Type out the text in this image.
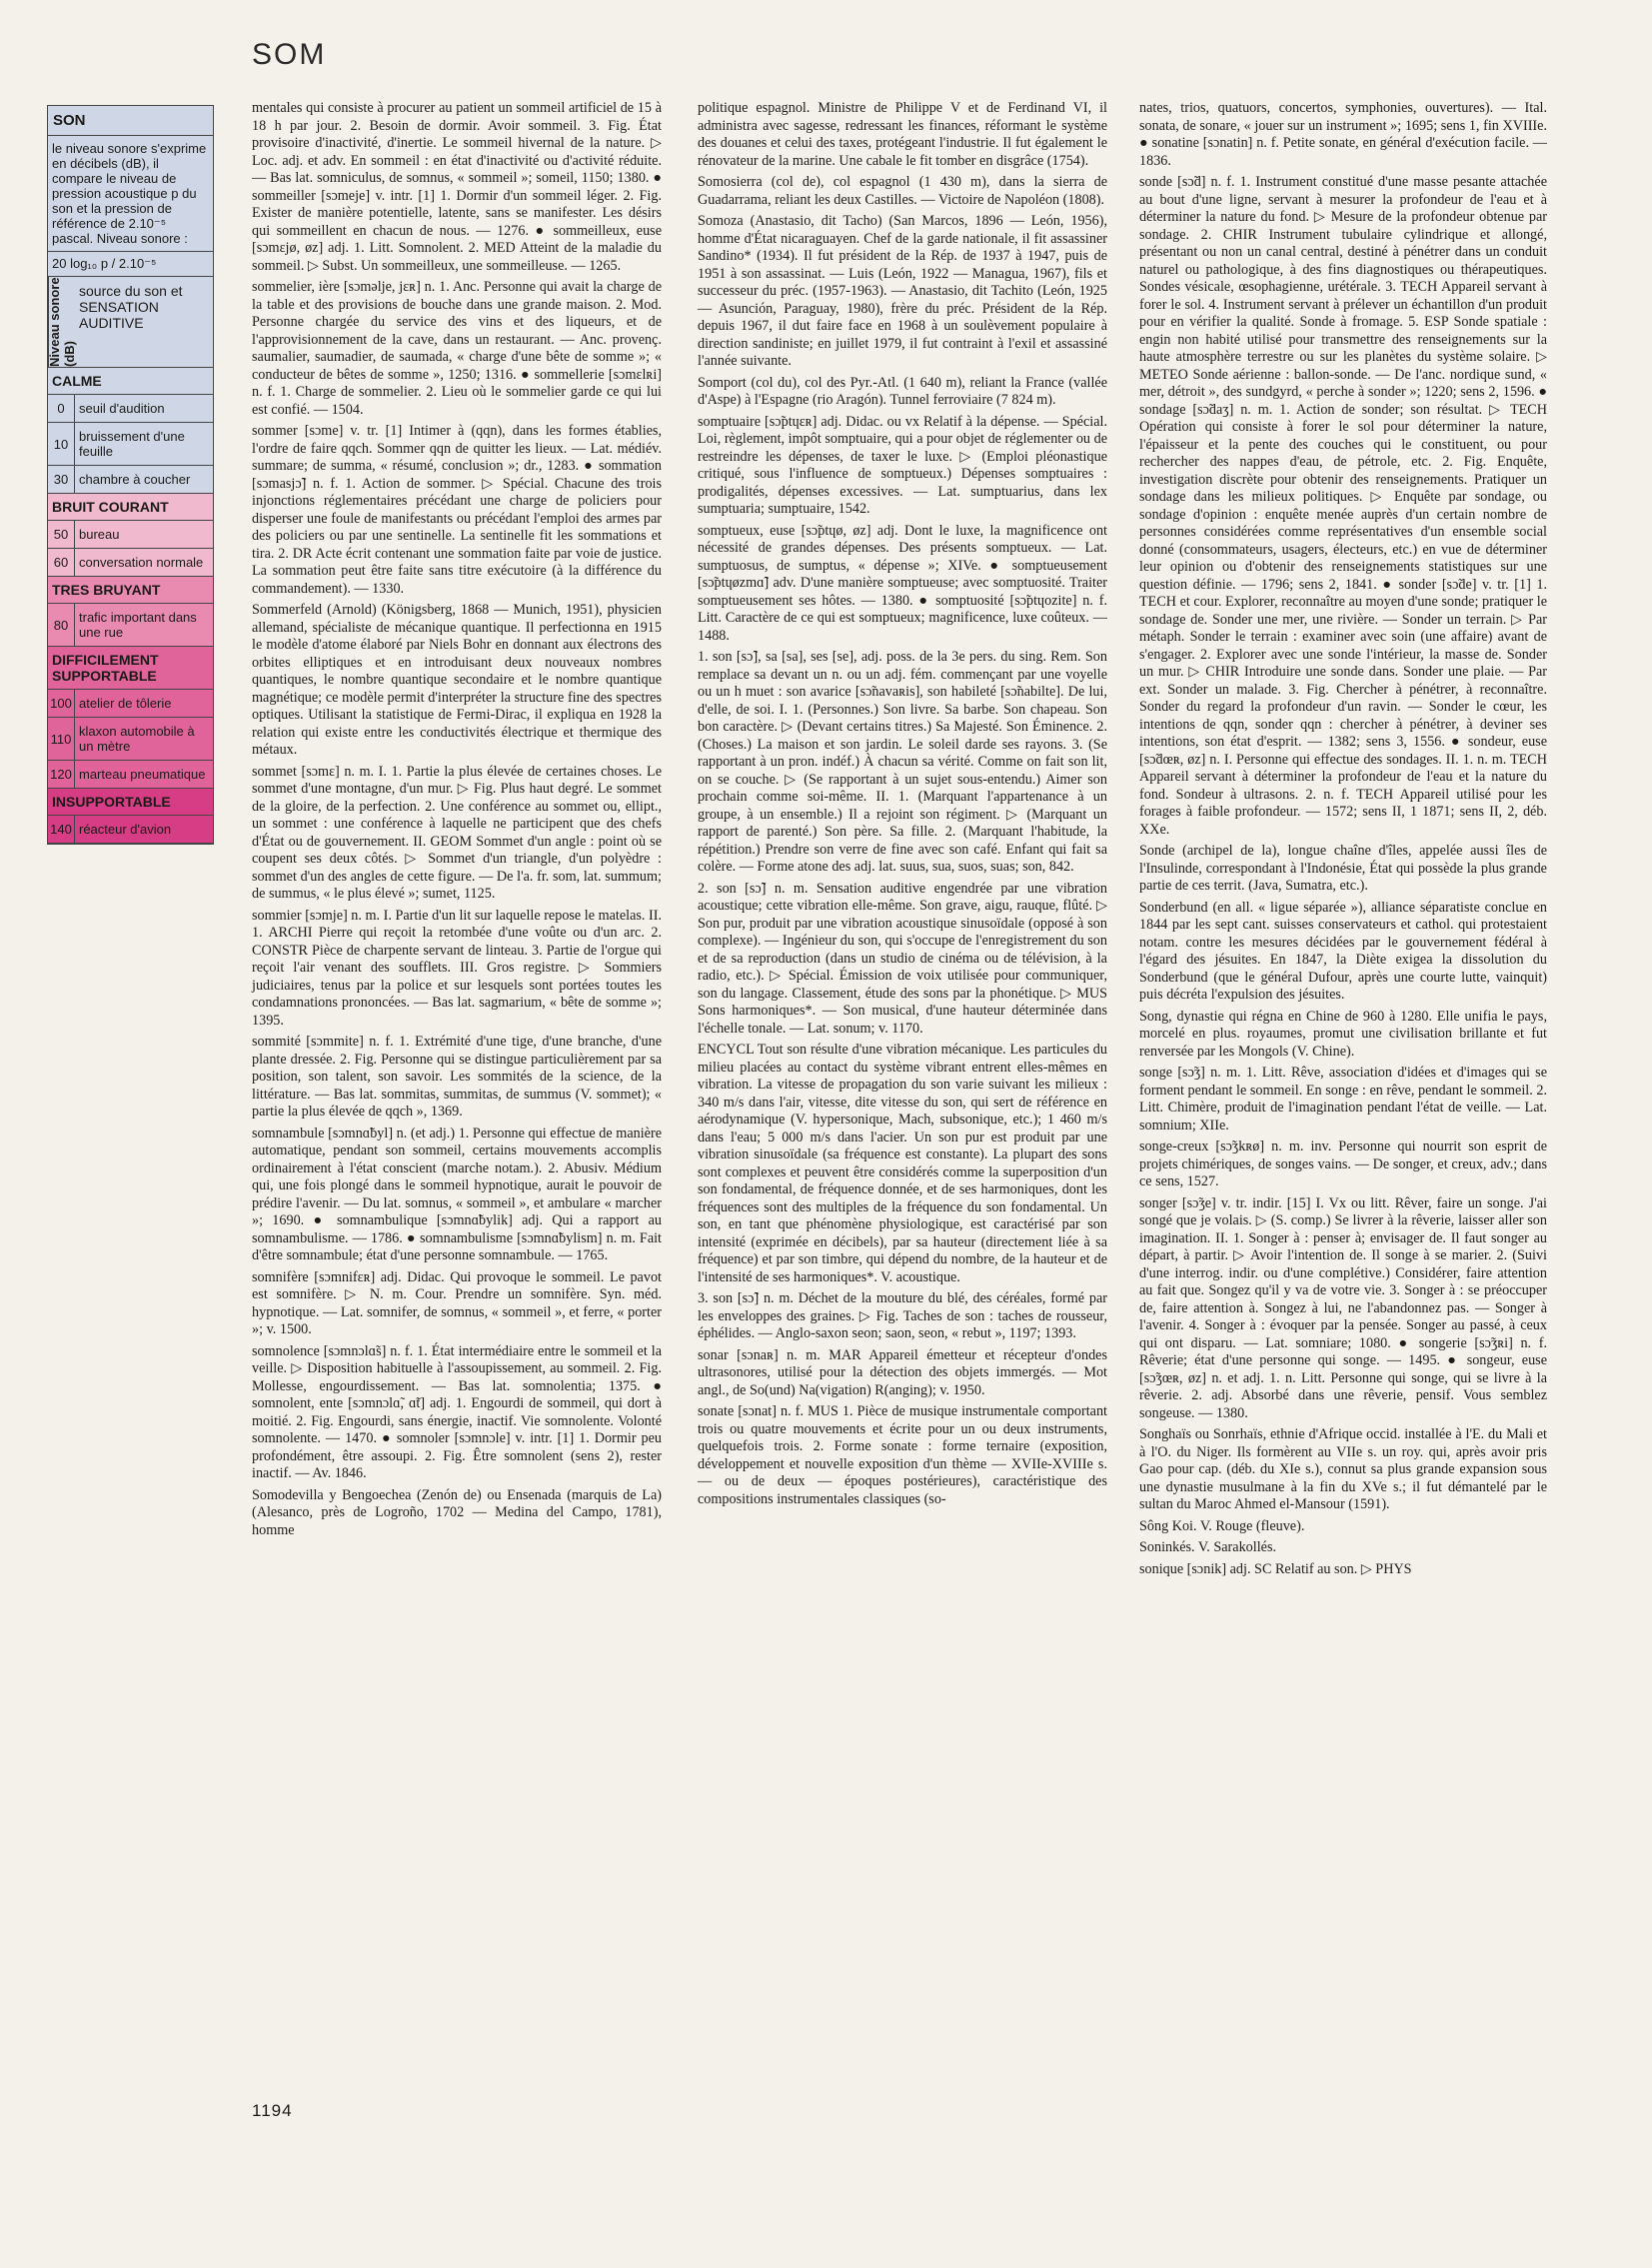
SOM
SON
le niveau sonore s'exprime en décibels (dB), il compare le niveau de pression acoustique p du son et la pression de référence de 2.10⁻⁵ pascal. Niveau sonore :
20 log₁₀ p / 2.10⁻⁵
Niveau sonore (dB)
source du son et SENSATION AUDITIVE
CALME
0	seuil d'audition
10 bruissement d'une feuille
30 chambre à coucher
BRUIT COURANT
50 bureau
60 conversation normale
TRES BRUYANT
80 trafic important dans une rue
DIFFICILEMENT SUPPORTABLE
100 atelier de tôlerie
110 klaxon automobile à un mètre
120 marteau pneumatique
INSUPPORTABLE
140 réacteur d'avion

mentales qui consiste à procurer au patient un sommeil artificiel de 15 à 18 h par jour. 2. Besoin de dormir. Avoir sommeil. 3. Fig. État provisoire d'inactivité, d'inertie. Le sommeil hivernal de la nature. ▷ Loc. adj. et adv. En sommeil : en état d'inactivité ou d'activité réduite. — Bas lat. somniculus, de somnus, « sommeil »; someil, 1150; 1380. ● sommeiller [sɔmeje] v. intr. [1] 1. Dormir d'un sommeil léger. 2. Fig. Exister de manière potentielle, latente, sans se manifester. Les désirs qui sommeillent en chacun de nous. — 1276. ● sommeilleux, euse [sɔmɛjø, øz] adj. 1. Litt. Somnolent. 2. MED Atteint de la maladie du sommeil. ▷ Subst. Un sommeilleux, une sommeilleuse. — 1265.

sommelier, ière [sɔməlje, jɛʀ] n. 1. Anc. Personne qui avait la charge de la table et des provisions de bouche dans une grande maison. 2. Mod. Personne chargée du service des vins et des liqueurs, et de l'approvisionnement de la cave, dans un restaurant. — Anc. provenç. saumalier, saumadier, de saumada, « charge d'une bête de somme »; « conducteur de bêtes de somme », 1250; 1316. ● sommellerie [sɔmɛlʀi] n. f. 1. Charge de sommelier. 2. Lieu où le sommelier garde ce qui lui est confié. — 1504.

sommer [sɔme] v. tr. [1] Intimer à (qqn), dans les formes établies, l'ordre de faire qqch. Sommer qqn de quitter les lieux. — Lat. médiév. summare; de summa, « résumé, conclusion »; dr., 1283. ● sommation [sɔmasjɔ̃] n. f. 1. Action de sommer. ▷ Spécial. Chacune des trois injonctions réglementaires précédant une charge de policiers pour disperser une foule de manifestants ou précédant l'emploi des armes par des policiers ou par une sentinelle. La sentinelle fit les sommations et tira. 2. DR Acte écrit contenant une sommation faite par voie de justice. La sommation peut être faite sans titre exécutoire (à la différence du commandement). — 1330.

Sommerfeld (Arnold) (Königsberg, 1868 — Munich, 1951), physicien allemand, spécialiste de mécanique quantique. Il perfectionna en 1915 le modèle d'atome élaboré par Niels Bohr en donnant aux électrons des orbites elliptiques et en introduisant deux nouveaux nombres quantiques, le nombre quantique secondaire et le nombre quantique magnétique; ce modèle permit d'interpréter la structure fine des spectres optiques. Utilisant la statistique de Fermi-Dirac, il expliqua en 1928 la relation qui existe entre les conductivités électrique et thermique des métaux.

sommet [sɔmɛ] n. m. I. 1. Partie la plus élevée de certaines choses. Le sommet d'une montagne, d'un mur. ▷ Fig. Plus haut degré. Le sommet de la gloire, de la perfection. 2. Une conférence au sommet ou, ellipt., un sommet : une conférence à laquelle ne participent que des chefs d'État ou de gouvernement. II. GEOM Sommet d'un angle : point où se coupent ses deux côtés. ▷ Sommet d'un triangle, d'un polyèdre : sommet d'un des angles de cette figure. — De l'a. fr. som, lat. summum; de summus, « le plus élevé »; sumet, 1125.

sommier [sɔmje] n. m. I. Partie d'un lit sur laquelle repose le matelas. II. 1. ARCHI Pierre qui reçoit la retombée d'une voûte ou d'un arc. 2. CONSTR Pièce de charpente servant de linteau. 3. Partie de l'orgue qui reçoit l'air venant des soufflets. III. Gros registre. ▷ Sommiers judiciaires, tenus par la police et sur lesquels sont portées toutes les condamnations prononcées. — Bas lat. sagmarium, « bête de somme »; 1395.

sommité [sɔmmite] n. f. 1. Extrémité d'une tige, d'une branche, d'une plante dressée. 2. Fig. Personne qui se distingue particulièrement par sa position, son talent, son savoir. Les sommités de la science, de la littérature. — Bas lat. sommitas, summitas, de summus (V. sommet); « partie la plus élevée de qqch », 1369.

somnambule [sɔmnɑ̃byl] n. (et adj.) 1. Personne qui effectue de manière automatique, pendant son sommeil, certains mouvements accomplis ordinairement à l'état conscient (marche notam.). 2. Abusiv. Médium qui, une fois plongé dans le sommeil hypnotique, aurait le pouvoir de prédire l'avenir. — Du lat. somnus, « sommeil », et ambulare « marcher »; 1690. ● somnambulique [sɔmnɑ̃bylik] adj. Qui a rapport au somnambulisme. — 1786. ● somnambulisme [sɔmnɑ̃bylism] n. m. Fait d'être somnambule; état d'une personne somnambule. — 1765.

somnifère [sɔmnifɛʀ] adj. Didac. Qui provoque le sommeil. Le pavot est somnifère. ▷ N. m. Cour. Prendre un somnifère. Syn. méd. hypnotique. — Lat. somnifer, de somnus, « sommeil », et ferre, « porter »; v. 1500.

somnolence [sɔmnɔlɑ̃s] n. f. 1. État intermédiaire entre le sommeil et la veille. ▷ Disposition habituelle à l'assoupissement, au sommeil. 2. Fig. Mollesse, engourdissement. — Bas lat. somnolentia; 1375. ● somnolent, ente [sɔmnɔlɑ̃, ɑ̃t] adj. 1. Engourdi de sommeil, qui dort à moitié. 2. Fig. Engourdi, sans énergie, inactif. Vie somnolente. Volonté somnolente. — 1470. ● somnoler [sɔmnɔle] v. intr. [1] 1. Dormir peu profondément, être assoupi. 2. Fig. Être somnolent (sens 2), rester inactif. — Av. 1846.

Somodevilla y Bengoechea (Zenón de) ou Ensenada (marquis de La) (Alesanco, près de Logroño, 1702 — Medina del Campo, 1781), homme

politique espagnol. Ministre de Philippe V et de Ferdinand VI, il administra avec sagesse, redressant les finances, réformant le système des douanes et celui des taxes, protégeant l'industrie. Il fut également le rénovateur de la marine. Une cabale le fit tomber en disgrâce (1754).

Somosierra (col de), col espagnol (1 430 m), dans la sierra de Guadarrama, reliant les deux Castilles. — Victoire de Napoléon (1808).

Somoza (Anastasio, dit Tacho) (San Marcos, 1896 — León, 1956), homme d'État nicaraguayen. Chef de la garde nationale, il fit assassiner Sandino* (1934). Il fut président de la Rép. de 1937 à 1947, puis de 1951 à son assassinat. — Luis (León, 1922 — Managua, 1967), fils et successeur du préc. (1957-1963). — Anastasio, dit Tachito (León, 1925 — Asunción, Paraguay, 1980), frère du préc. Président de la Rép. depuis 1967, il dut faire face en 1968 à un soulèvement populaire à direction sandiniste; en juillet 1979, il fut contraint à l'exil et assassiné l'année suivante.

Somport (col du), col des Pyr.-Atl. (1 640 m), reliant la France (vallée d'Aspe) à l'Espagne (rio Aragón). Tunnel ferroviaire (7 824 m).

somptuaire [sɔ̃ptɥɛʀ] adj. Didac. ou vx Relatif à la dépense. — Spécial. Loi, règlement, impôt somptuaire, qui a pour objet de réglementer ou de restreindre les dépenses, de taxer le luxe. ▷ (Emploi pléonastique critiqué, sous l'influence de somptueux.) Dépenses somptuaires : prodigalités, dépenses excessives. — Lat. sumptuarius, dans lex sumptuaria; sumptuaire, 1542.

somptueux, euse [sɔ̃ptɥø, øz] adj. Dont le luxe, la magnificence ont nécessité de grandes dépenses. Des présents somptueux. — Lat. sumptuosus, de sumptus, « dépense »; XIVe. ● somptueusement [sɔ̃ptɥøzmɑ̃] adv. D'une manière somptueuse; avec somptuosité. Traiter somptueusement ses hôtes. — 1380. ● somptuosité [sɔ̃ptɥozite] n. f. Litt. Caractère de ce qui est somptueux; magnificence, luxe coûteux. — 1488.

1. son [sɔ̃], sa [sa], ses [se], adj. poss. de la 3e pers. du sing. Rem. Son remplace sa devant un n. ou un adj. fém. commençant par une voyelle ou un h muet : son avarice [sɔ̃navaʀis], son habileté [sɔ̃nabilte]. De lui, d'elle, de soi. I. 1. (Personnes.) Son livre. Sa barbe. Son chapeau. Son bon caractère. ▷ (Devant certains titres.) Sa Majesté. Son Éminence. 2. (Choses.) La maison et son jardin. Le soleil darde ses rayons. 3. (Se rapportant à un pron. indéf.) À chacun sa vérité. Comme on fait son lit, on se couche. ▷ (Se rapportant à un sujet sous-entendu.) Aimer son prochain comme soi-même. II. 1. (Marquant l'appartenance à un groupe, à un ensemble.) Il a rejoint son régiment. ▷ (Marquant un rapport de parenté.) Son père. Sa fille. 2. (Marquant l'habitude, la répétition.) Prendre son verre de fine avec son café. Enfant qui fait sa colère. — Forme atone des adj. lat. suus, sua, suos, suas; son, 842.

2. son [sɔ̃] n. m. Sensation auditive engendrée par une vibration acoustique; cette vibration elle-même. Son grave, aigu, rauque, flûté. ▷ Son pur, produit par une vibration acoustique sinusoïdale (opposé à son complexe). — Ingénieur du son, qui s'occupe de l'enregistrement du son et de sa reproduction (dans un studio de cinéma ou de télévision, à la radio, etc.). ▷ Spécial. Émission de voix utilisée pour communiquer, son du langage. Classement, étude des sons par la phonétique. ▷ MUS Sons harmoniques*. — Son musical, d'une hauteur déterminée dans l'échelle tonale. — Lat. sonum; v. 1170.

ENCYCL Tout son résulte d'une vibration mécanique. Les particules du milieu placées au contact du système vibrant entrent elles-mêmes en vibration. La vitesse de propagation du son varie suivant les milieux : 340 m/s dans l'air, vitesse, dite vitesse du son, qui sert de référence en aérodynamique (V. hypersonique, Mach, subsonique, etc.); 1 460 m/s dans l'eau; 5 000 m/s dans l'acier. Un son pur est produit par une vibration sinusoïdale (sa fréquence est constante). La plupart des sons sont complexes et peuvent être considérés comme la superposition d'un son fondamental, de fréquence donnée, et de ses harmoniques, dont les fréquences sont des multiples de la fréquence du son fondamental. Un son, en tant que phénomène physiologique, est caractérisé par son intensité (exprimée en décibels), par sa hauteur (directement liée à sa fréquence) et par son timbre, qui dépend du nombre, de la hauteur et de l'intensité de ses harmoniques*. V. acoustique.

3. son [sɔ̃] n. m. Déchet de la mouture du blé, des céréales, formé par les enveloppes des graines. ▷ Fig. Taches de son : taches de rousseur, éphélides. — Anglo-saxon seon; saon, seon, « rebut », 1197; 1393.

sonar [sɔnaʀ] n. m. MAR Appareil émetteur et récepteur d'ondes ultrasonores, utilisé pour la détection des objets immergés. — Mot angl., de So(und) Na(vigation) R(anging); v. 1950.

sonate [sɔnat] n. f. MUS 1. Pièce de musique instrumentale comportant trois ou quatre mouvements et écrite pour un ou deux instruments, quelquefois trois. 2. Forme sonate : forme ternaire (exposition, développement et nouvelle exposition d'un thème — XVIIe-XVIIIe s. — ou de deux — époques postérieures), caractéristique des compositions instrumentales classiques (so-

nates, trios, quatuors, concertos, symphonies, ouvertures). — Ital. sonata, de sonare, « jouer sur un instrument »; 1695; sens 1, fin XVIIIe. ● sonatine [sɔnatin] n. f. Petite sonate, en général d'exécution facile. — 1836.

sonde [sɔ̃d] n. f. 1. Instrument constitué d'une masse pesante attachée au bout d'une ligne, servant à mesurer la profondeur de l'eau et à déterminer la nature du fond. ▷ Mesure de la profondeur obtenue par sondage. 2. CHIR Instrument tubulaire cylindrique et allongé, présentant ou non un canal central, destiné à pénétrer dans un conduit naturel ou pathologique, à des fins diagnostiques ou thérapeutiques. Sondes vésicale, œsophagienne, urétérale. 3. TECH Appareil servant à forer le sol. 4. Instrument servant à prélever un échantillon d'un produit pour en vérifier la qualité. Sonde à fromage. 5. ESP Sonde spatiale : engin non habité utilisé pour transmettre des renseignements sur la haute atmosphère terrestre ou sur les planètes du système solaire. ▷ METEO Sonde aérienne : ballon-sonde. — De l'anc. nordique sund, « mer, détroit », des sundgyrd, « perche à sonder »; 1220; sens 2, 1596. ● sondage [sɔ̃daʒ] n. m. 1. Action de sonder; son résultat. ▷ TECH Opération qui consiste à forer le sol pour déterminer la nature, l'épaisseur et la pente des couches qui le constituent, ou pour rechercher des nappes d'eau, de pétrole, etc. 2. Fig. Enquête, investigation discrète pour obtenir des renseignements. Pratiquer un sondage dans les milieux politiques. ▷ Enquête par sondage, ou sondage d'opinion : enquête menée auprès d'un certain nombre de personnes considérées comme représentatives d'un ensemble social donné (consommateurs, usagers, électeurs, etc.) en vue de déterminer leur opinion ou d'obtenir des renseignements statistiques sur une question définie. — 1796; sens 2, 1841. ● sonder [sɔ̃de] v. tr. [1] 1. TECH et cour. Explorer, reconnaître au moyen d'une sonde; pratiquer le sondage de. Sonder une mer, une rivière. — Sonder un terrain. ▷ Par métaph. Sonder le terrain : examiner avec soin (une affaire) avant de s'engager. 2. Explorer avec une sonde l'intérieur, la masse de. Sonder un mur. ▷ CHIR Introduire une sonde dans. Sonder une plaie. — Par ext. Sonder un malade. 3. Fig. Chercher à pénétrer, à reconnaître. Sonder du regard la profondeur d'un ravin. — Sonder le cœur, les intentions de qqn, sonder qqn : chercher à pénétrer, à deviner ses intentions, son état d'esprit. — 1382; sens 3, 1556. ● sondeur, euse [sɔ̃dœʀ, øz] n. I. Personne qui effectue des sondages. II. 1. n. m. TECH Appareil servant à déterminer la profondeur de l'eau et la nature du fond. Sondeur à ultrasons. 2. n. f. TECH Appareil utilisé pour les forages à faible profondeur. — 1572; sens II, 1 1871; sens II, 2, déb. XXe.

Sonde (archipel de la), longue chaîne d'îles, appelée aussi îles de l'Insulinde, correspondant à l'Indonésie, État qui possède la plus grande partie de ces territ. (Java, Sumatra, etc.).

Sonderbund (en all. « ligue séparée »), alliance séparatiste conclue en 1844 par les sept cant. suisses conservateurs et cathol. qui protestaient notam. contre les mesures décidées par le gouvernement fédéral à l'égard des jésuites. En 1847, la Diète exigea la dissolution du Sonderbund (que le général Dufour, après une courte lutte, vainquit) puis décréta l'expulsion des jésuites.

Song, dynastie qui régna en Chine de 960 à 1280. Elle unifia le pays, morcelé en plus. royaumes, promut une civilisation brillante et fut renversée par les Mongols (V. Chine).

songe [sɔ̃ʒ] n. m. 1. Litt. Rêve, association d'idées et d'images qui se forment pendant le sommeil. En songe : en rêve, pendant le sommeil. 2. Litt. Chimère, produit de l'imagination pendant l'état de veille. — Lat. somnium; XIIe.

songe-creux [sɔ̃ʒkʀø] n. m. inv. Personne qui nourrit son esprit de projets chimériques, de songes vains. — De songer, et creux, adv.; dans ce sens, 1527.

songer [sɔ̃ʒe] v. tr. indir. [15] I. Vx ou litt. Rêver, faire un songe. J'ai songé que je volais. ▷ (S. comp.) Se livrer à la rêverie, laisser aller son imagination. II. 1. Songer à : penser à; envisager de. Il faut songer au départ, à partir. ▷ Avoir l'intention de. Il songe à se marier. 2. (Suivi d'une interrog. indir. ou d'une complétive.) Considérer, faire attention au fait que. Songez qu'il y va de votre vie. 3. Songer à : se préoccuper de, faire attention à. Songez à lui, ne l'abandonnez pas. — Songer à l'avenir. 4. Songer à : évoquer par la pensée. Songer au passé, à ceux qui ont disparu. — Lat. somniare; 1080. ● songerie [sɔ̃ʒʀi] n. f. Rêverie; état d'une personne qui songe. — 1495. ● songeur, euse [sɔ̃ʒœʀ, øz] n. et adj. 1. n. Litt. Personne qui songe, qui se livre à la rêverie. 2. adj. Absorbé dans une rêverie, pensif. Vous semblez songeuse. — 1380.

Songhaïs ou Sonrhaïs, ethnie d'Afrique occid. installée à l'E. du Mali et à l'O. du Niger. Ils formèrent au VIIe s. un roy. qui, après avoir pris Gao pour cap. (déb. du XIe s.), connut sa plus grande expansion sous une dynastie musulmane à la fin du XVe s.; il fut démantelé par le sultan du Maroc Ahmed el-Mansour (1591).

Sông Koi. V. Rouge (fleuve).

Soninkés. V. Sarakollés.

sonique [sɔnik] adj. SC Relatif au son. ▷ PHYS

1194
